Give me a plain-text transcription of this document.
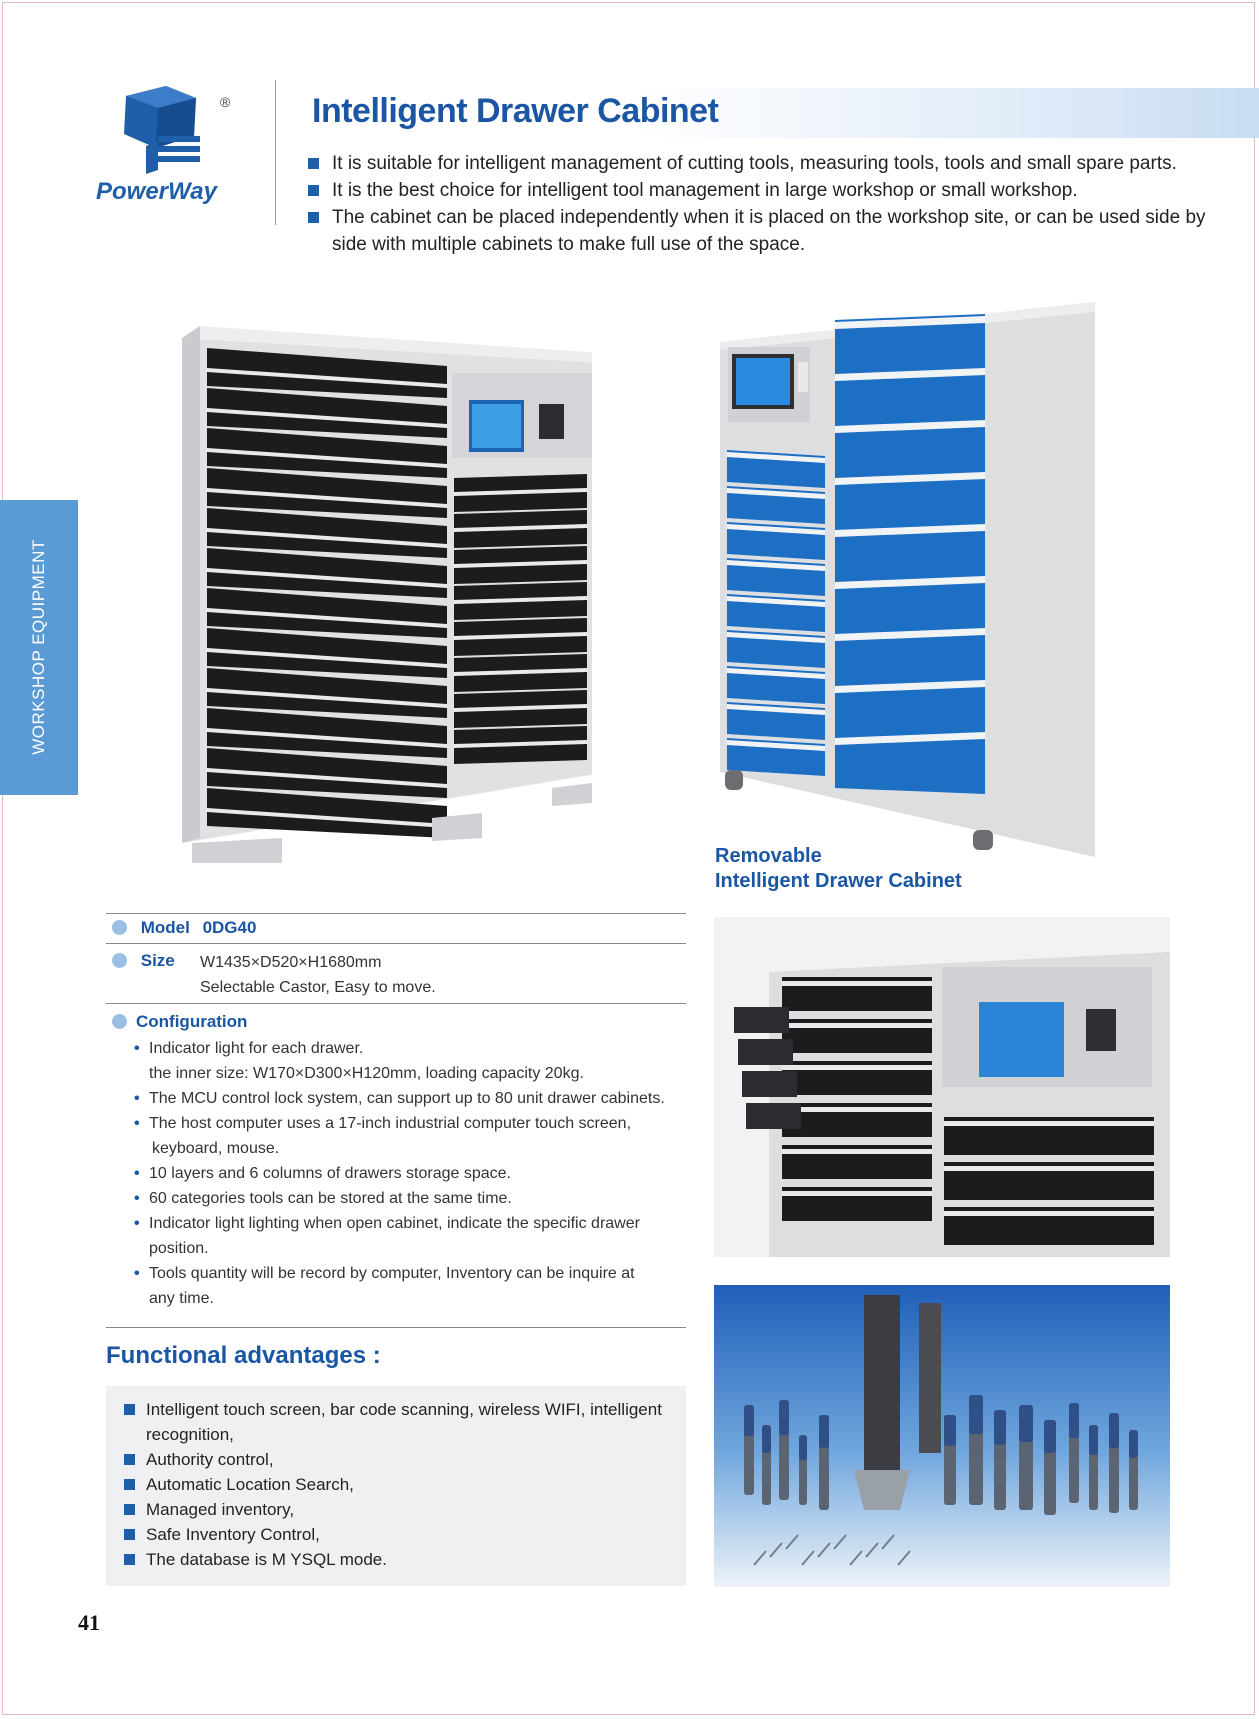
®
PowerWay
Intelligent Drawer Cabinet
It is suitable for intelligent management of cutting tools, measuring tools, tools and small spare parts.
It is the best choice for intelligent tool management in large workshop or small workshop.
The cabinet can be placed independently when it is placed on the workshop site, or can be used side by side with multiple cabinets to make full use of the space.
WORKSHOP EQUIPMENT
Removable
Intelligent Drawer Cabinet
Model 0DG40
Size W1435×D520×H1680mm
Selectable Castor, Easy to move.
Configuration
• Indicator light for each drawer.
the inner size: W170×D300×H120mm, loading capacity 20kg.
• The MCU control lock system, can support up to 80 unit drawer cabinets.
• The host computer uses a 17-inch industrial computer touch screen,
keyboard, mouse.
• 10 layers and 6 columns of drawers storage space.
• 60 categories tools can be stored at the same time.
• Indicator light lighting when open cabinet, indicate the specific drawer
position.
• Tools quantity will be record by computer, Inventory can be inquire at
any time.
Functional advantages :
Intelligent touch screen, bar code scanning, wireless WIFI, intelligent recognition,
Authority control,
Automatic Location Search,
Managed inventory,
Safe Inventory Control,
The database is M YSQL mode.
41
